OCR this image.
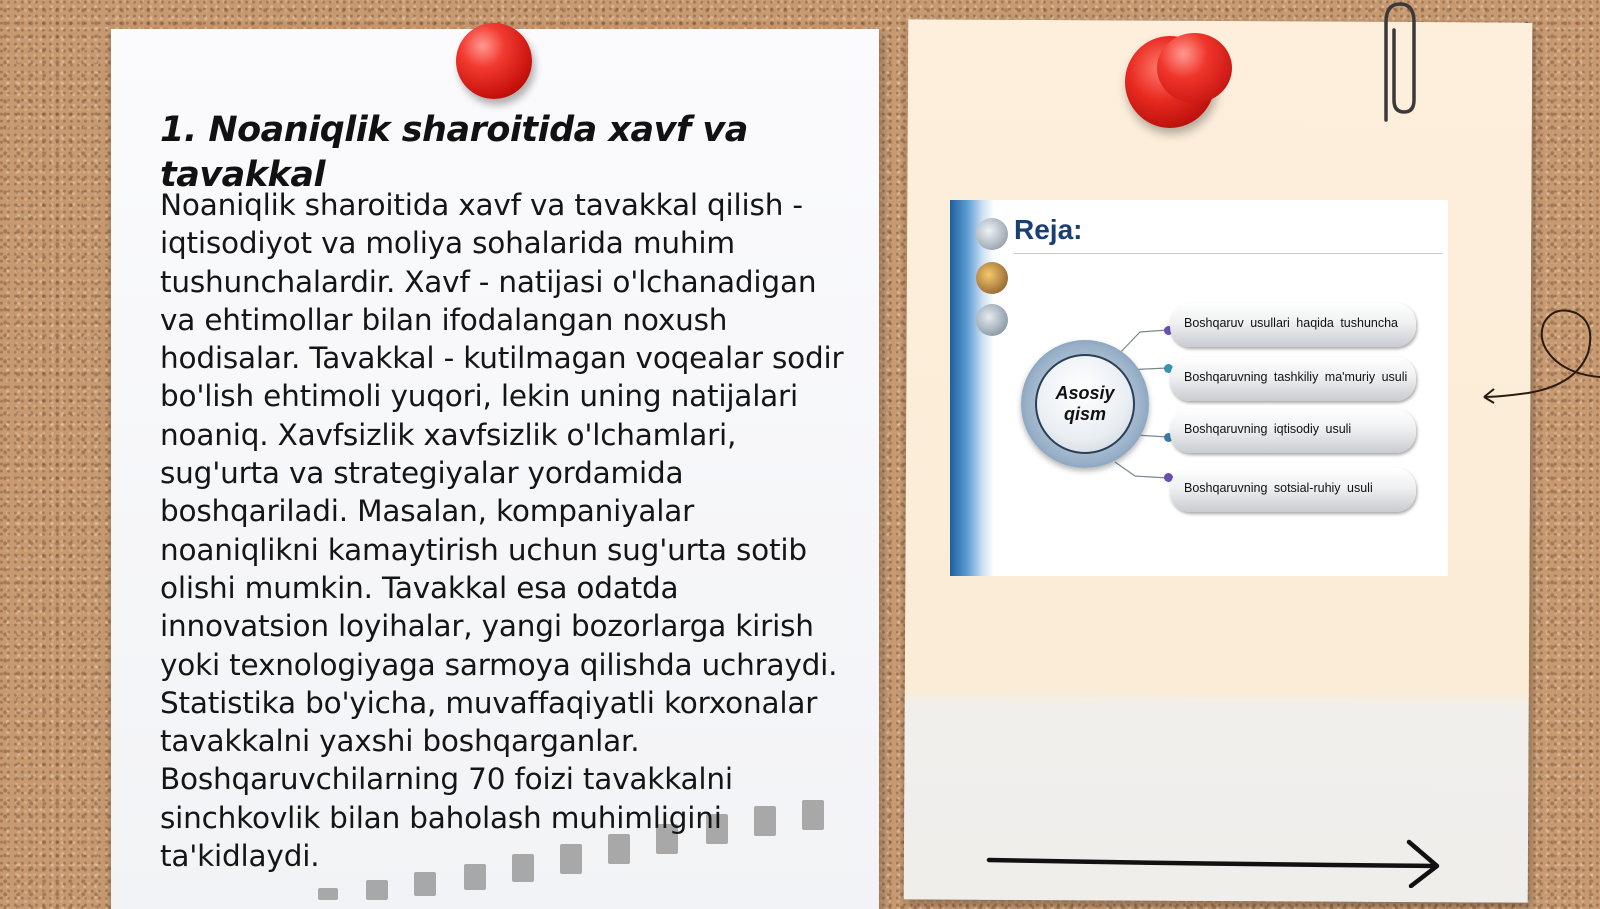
1. Noaniqlik sharoitida xavf va tavakkal

Noaniqlik sharoitida xavf va tavakkal qilish - iqtisodiyot va moliya sohalarida muhim tushunchalardir. Xavf - natijasi o'lchanadigan va ehtimollar bilan ifodalangan noxush hodisalar. Tavakkal - kutilmagan voqealar sodir bo'lish ehtimoli yuqori, lekin uning natijalari noaniq. Xavfsizlik xavfsizlik o'lchamlari, sug'urta va strategiyalar yordamida boshqariladi. Masalan, kompaniyalar noaniqlikni kamaytirish uchun sug'urta sotib olishi mumkin. Tavakkal esa odatda innovatsion loyihalar, yangi bozorlarga kirish yoki texnologiyaga sarmoya qilishda uchraydi. Statistika bo'yicha, muvaffaqiyatli korxonalar tavakkalni yaxshi boshqarganlar. Boshqaruvchilarning 70 foizi tavakkalni sinchkovlik bilan baholash muhimligini ta'kidlaydi.

Reja:
Asosiy qism
Boshqaruv usullari haqida tushuncha
Boshqaruvning tashkiliy ma'muriy usuli
Boshqaruvning iqtisodiy usuli
Boshqaruvning sotsial-ruhiy usuli
